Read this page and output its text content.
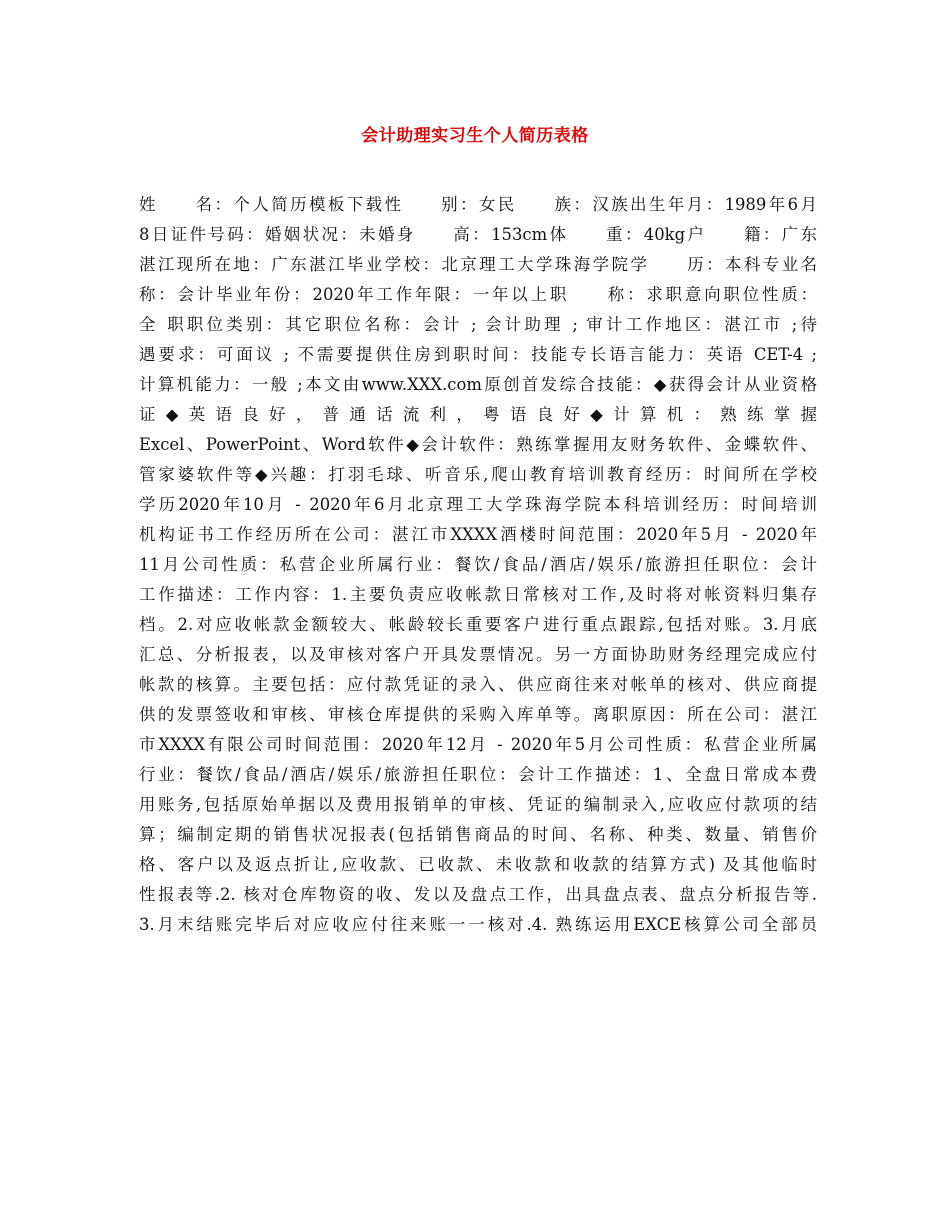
会计助理实习生个人简历表格
姓　　名：个人简历模板下载性　　别：女民　　族：汉族出生年月：1989年6月
8日证件号码：婚姻状况：未婚身　　高：153cm体　　重：40kg户　　籍：广东
湛江现所在地：广东湛江毕业学校：北京理工大学珠海学院学　　历：本科专业名
称：会计毕业年份：2020年工作年限：一年以上职　　称：求职意向职位性质：
全 职职位类别：其它职位名称：会计 ; 会计助理 ; 审计工作地区：湛江市 ;待
遇要求：可面议 ; 不需要提供住房到职时间：技能专长语言能力：英语 CET-4 ;
计算机能力：一般 ;本文由www.XXX.com原创首发综合技能：◆获得会计从业资格
证 ◆ 英 语 良 好 ， 普 通 话 流 利 ， 粤 语 良 好 ◆ 计 算 机 ： 熟 练 掌 握
Excel、PowerPoint、Word软件◆会计软件：熟练掌握用友财务软件、金蝶软件、
管家婆软件等◆兴趣：打羽毛球、听音乐,爬山教育培训教育经历：时间所在学校
学历2020年10月 - 2020年6月北京理工大学珠海学院本科培训经历：时间培训
机构证书工作经历所在公司：湛江市XXXX酒楼时间范围：2020年5月 - 2020年
11月公司性质：私营企业所属行业：餐饮/食品/酒店/娱乐/旅游担任职位：会计
工作描述：工作内容：1.主要负责应收帐款日常核对工作,及时将对帐资料归集存
档。2.对应收帐款金额较大、帐龄较长重要客户进行重点跟踪,包括对账。3.月底
汇总、分析报表，以及审核对客户开具发票情况。另一方面协助财务经理完成应付
帐款的核算。主要包括：应付款凭证的录入、供应商往来对帐单的核对、供应商提
供的发票签收和审核、审核仓库提供的采购入库单等。离职原因：所在公司：湛江
市XXXX有限公司时间范围：2020年12月 - 2020年5月公司性质：私营企业所属
行业：餐饮/食品/酒店/娱乐/旅游担任职位：会计工作描述：1、全盘日常成本费
用账务,包括原始单据以及费用报销单的审核、凭证的编制录入,应收应付款项的结
算；编制定期的销售状况报表(包括销售商品的时间、名称、种类、数量、销售价
格、客户以及返点折让,应收款、已收款、未收款和收款的结算方式) 及其他临时
性报表等.2. 核对仓库物资的收、发以及盘点工作，出具盘点表、盘点分析报告等.
3.月末结账完毕后对应收应付往来账一一核对.4. 熟练运用EXCE核算公司全部员
